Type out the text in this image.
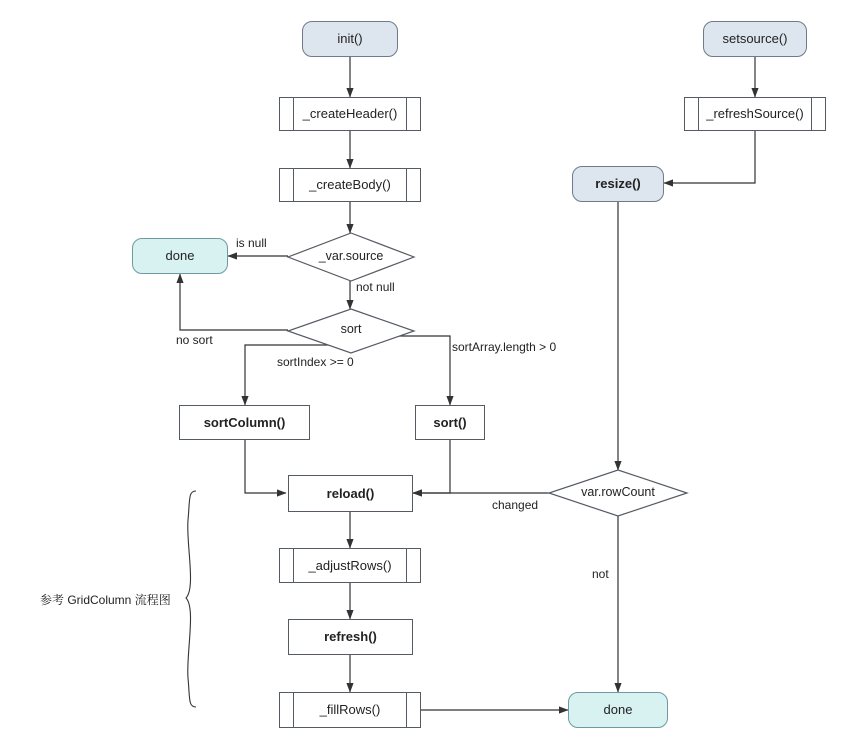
init()
_createHeader()
_createBody()
done	_var.source
sort
sortColumn()	sort()
reload()
_adjustRows()
refresh()
_fillRows()
setsource()
_refreshSource()
resize()
var.rowCount
done
is null
not null
no sort
sortIndex >= 0
sortArray.length > 0
changed
not
参考 GridColumn 流程图
